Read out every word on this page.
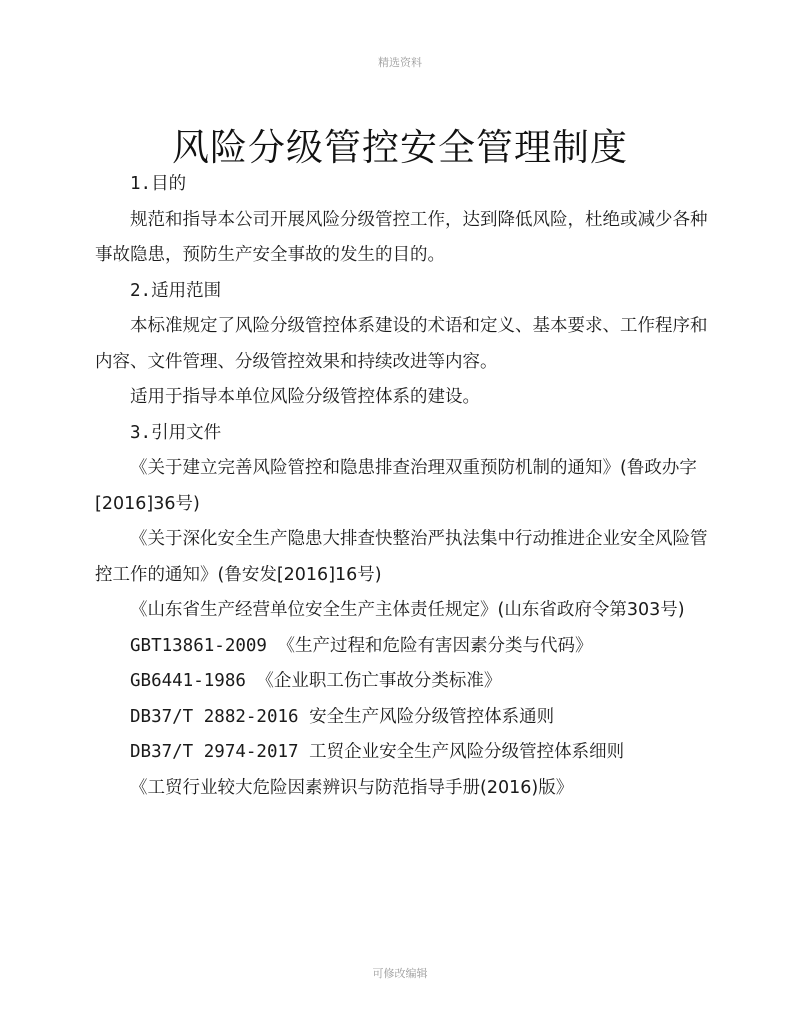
精选资料
风险分级管控安全管理制度

1.目的

规范和指导本公司开展风险分级管控工作，达到降低风险，杜绝或减少各种事故隐患，预防生产安全事故的发生的目的。

2.适用范围

本标准规定了风险分级管控体系建设的术语和定义、基本要求、工作程序和内容、文件管理、分级管控效果和持续改进等内容。

适用于指导本单位风险分级管控体系的建设。

3.引用文件

《关于建立完善风险管控和隐患排查治理双重预防机制的通知》(鲁政办字[2016]36号)

《关于深化安全生产隐患大排查快整治严执法集中行动推进企业安全风险管控工作的通知》(鲁安发[2016]16号)

《山东省生产经营单位安全生产主体责任规定》(山东省政府令第303号)

GBT13861-2009 《生产过程和危险有害因素分类与代码》

GB6441-1986 《企业职工伤亡事故分类标准》

DB37/T 2882-2016 安全生产风险分级管控体系通则

DB37/T 2974-2017 工贸企业安全生产风险分级管控体系细则

《工贸行业较大危险因素辨识与防范指导手册(2016)版》

可修改编辑
